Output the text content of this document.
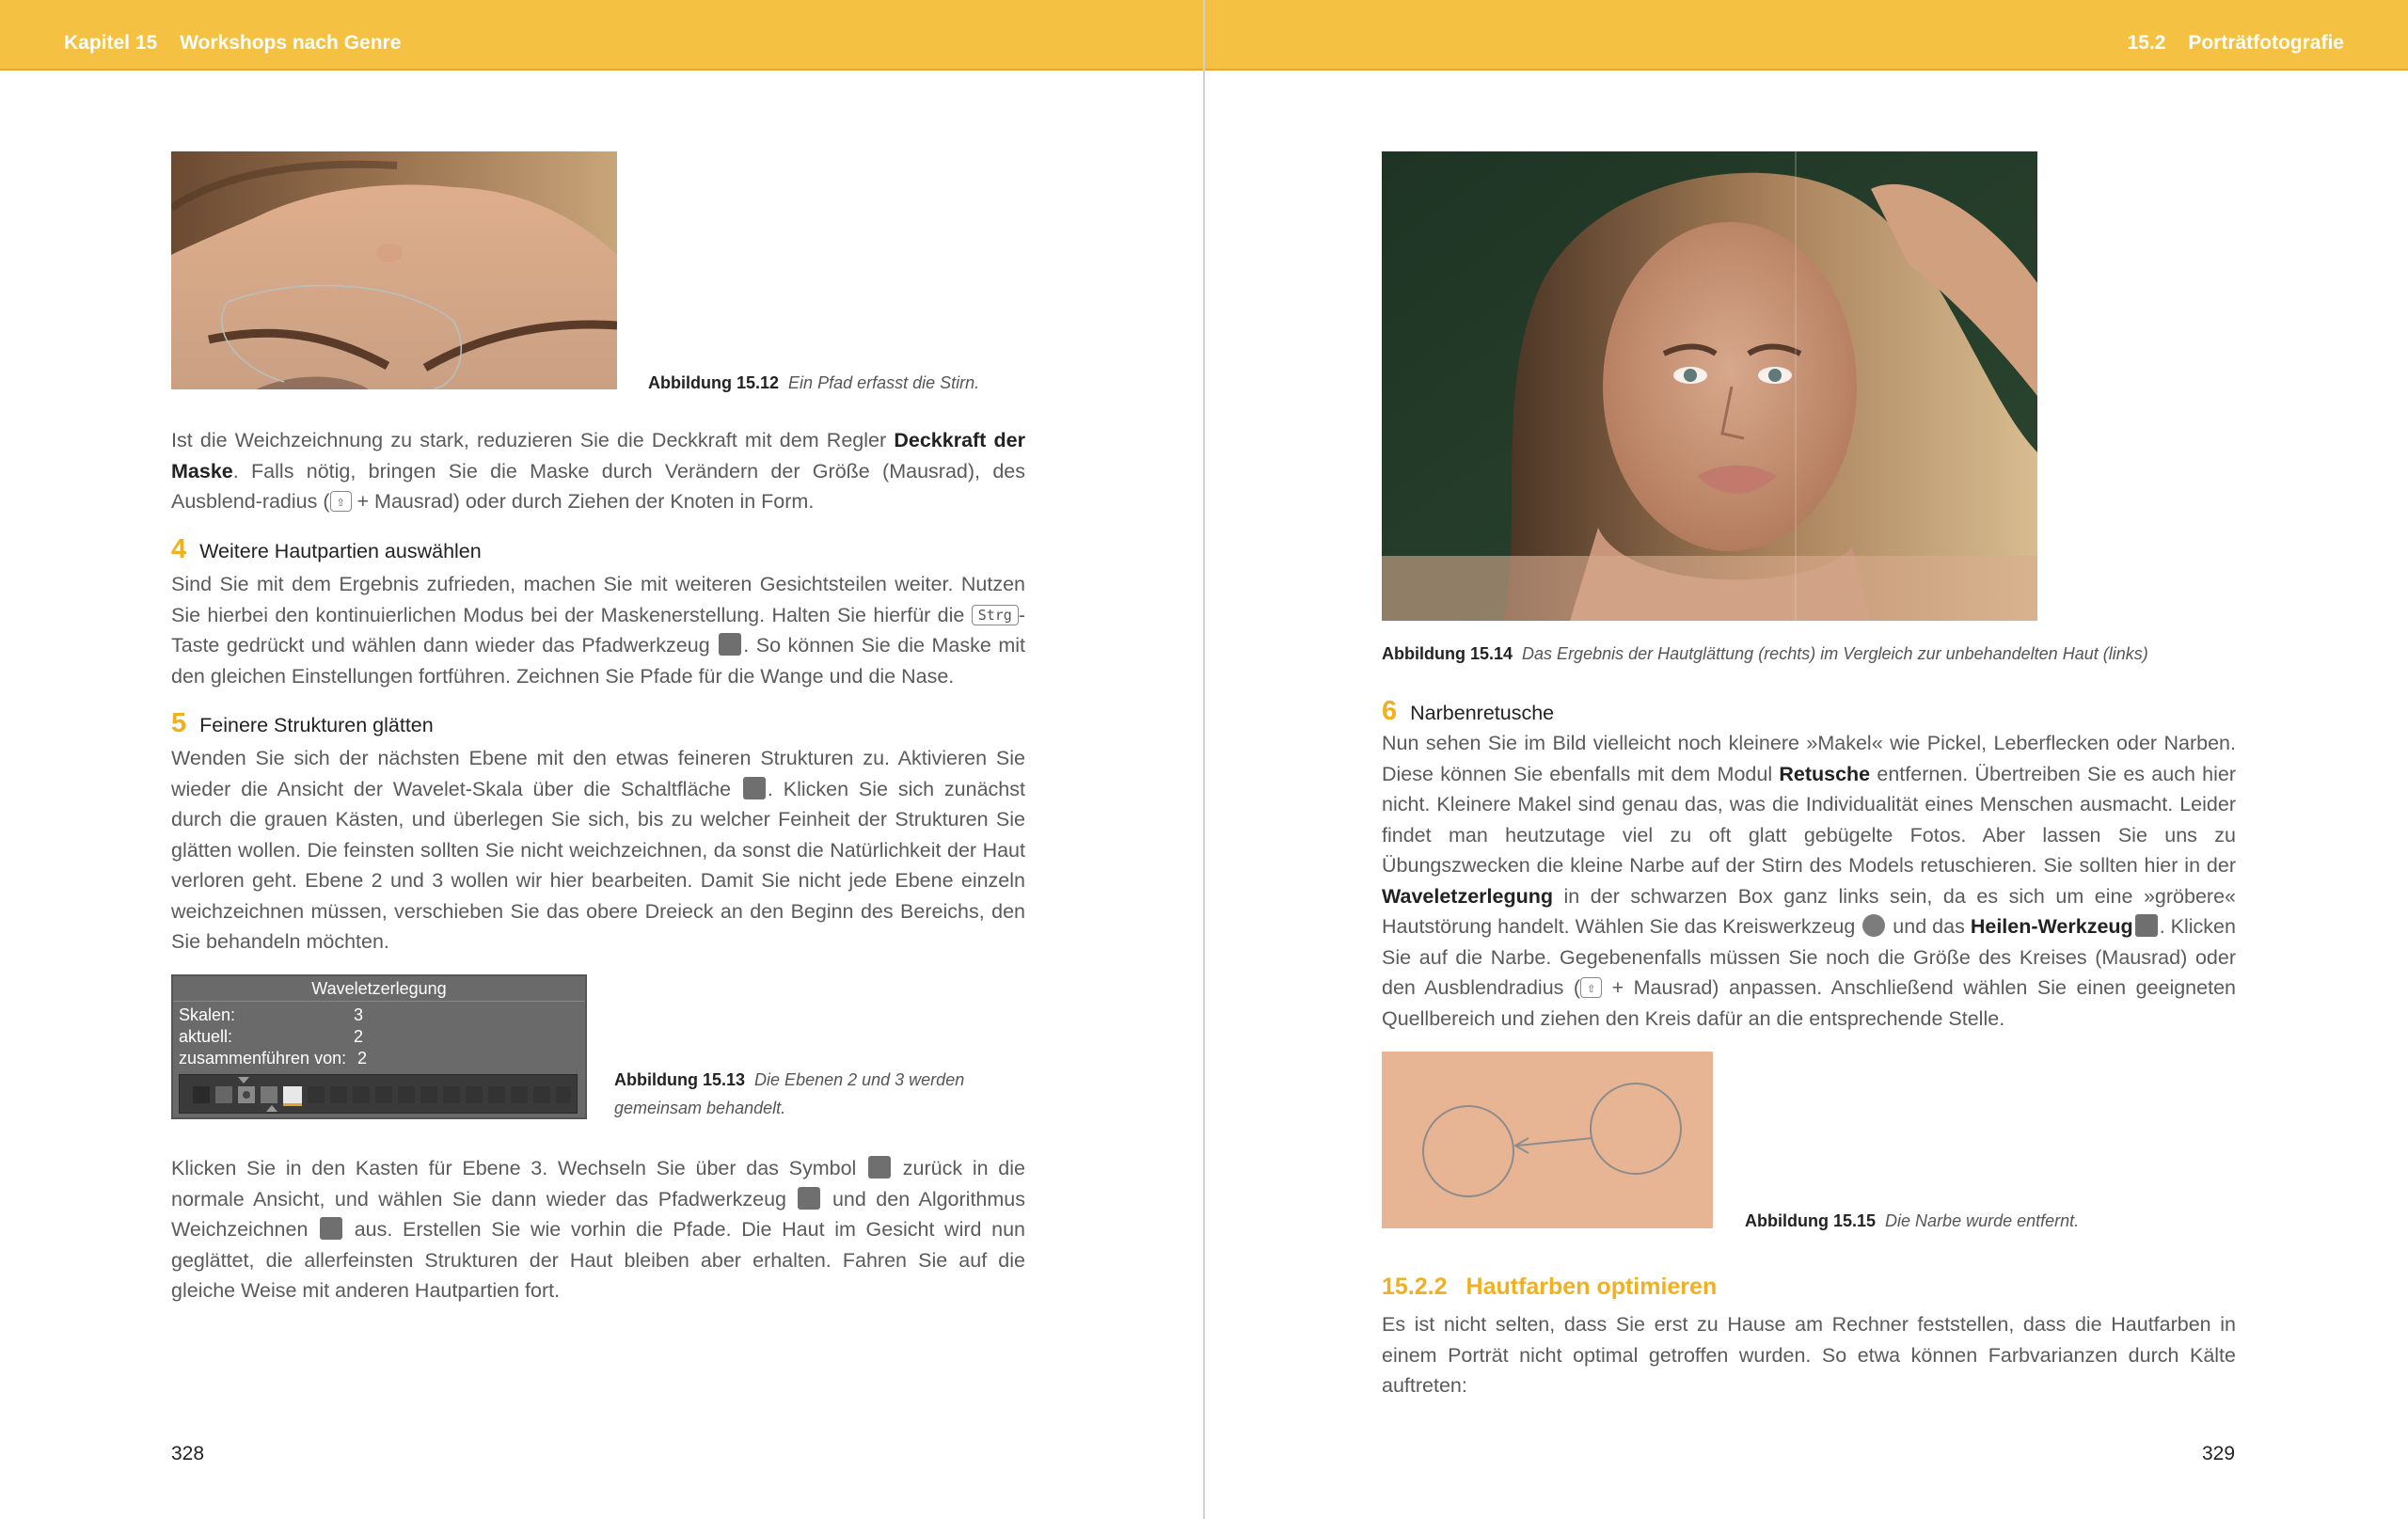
Kapitel 15 Workshops nach Genre
Abbildung 15.12 Ein Pfad erfasst die Stirn.
Ist die Weichzeichnung zu stark, reduzieren Sie die Deckkraft mit dem Regler Deckkraft der Maske. Falls nötig, bringen Sie die Maske durch Verändern der Größe (Mausrad), des Ausblend-radius ( ⇧ + Mausrad) oder durch Ziehen der Knoten in Form.
4 Weitere Hautpartien auswählen
Sind Sie mit dem Ergebnis zufrieden, machen Sie mit weiteren Gesichtsteilen weiter. Nutzen Sie hierbei den kontinuierlichen Modus bei der Maskenerstellung. Halten Sie hierfür die Strg -Taste gedrückt und wählen dann wieder das Pfadwerkzeug . So können Sie die Maske mit den gleichen Einstellungen fortführen. Zeichnen Sie Pfade für die Wange und die Nase.
5 Feinere Strukturen glätten
Wenden Sie sich der nächsten Ebene mit den etwas feineren Strukturen zu. Aktivieren Sie wieder die Ansicht der Wavelet-Skala über die Schaltfläche . Klicken Sie sich zunächst durch die grauen Kästen, und überlegen Sie sich, bis zu welcher Feinheit der Strukturen Sie glätten wollen. Die feinsten sollten Sie nicht weichzeichnen, da sonst die Natürlichkeit der Haut verloren geht. Ebene 2 und 3 wollen wir hier bearbeiten. Damit Sie nicht jede Ebene einzeln weichzeichnen müssen, verschieben Sie das obere Dreieck an den Beginn des Bereichs, den Sie behandeln möchten.
Waveletzerlegung
Skalen:	3
aktuell:	2
zusammenführen von: 2
Abbildung 15.13 Die Ebenen 2 und 3 werden gemeinsam behandelt.
Klicken Sie in den Kasten für Ebene 3. Wechseln Sie über das Symbol  zurück in die normale Ansicht, und wählen Sie dann wieder das Pfadwerkzeug  und den Algorithmus Weichzeichnen  aus. Erstellen Sie wie vorhin die Pfade. Die Haut im Gesicht wird nun geglättet, die allerfeinsten Strukturen der Haut bleiben aber erhalten. Fahren Sie auf die gleiche Weise mit anderen Hautpartien fort.
328
15.2 Porträtfotografie
Abbildung 15.14 Das Ergebnis der Hautglättung (rechts) im Vergleich zur unbehandelten Haut (links)
6 Narbenretusche
Nun sehen Sie im Bild vielleicht noch kleinere »Makel« wie Pickel, Leberflecken oder Narben. Diese können Sie ebenfalls mit dem Modul Retusche entfernen. Übertreiben Sie es auch hier nicht. Kleinere Makel sind genau das, was die Individualität eines Menschen ausmacht. Leider findet man heutzutage viel zu oft glatt gebügelte Fotos. Aber lassen Sie uns zu Übungszwecken die kleine Narbe auf der Stirn des Models retuschieren. Sie sollten hier in der Waveletzerlegung in der schwarzen Box ganz links sein, da es sich um eine »gröbere« Hautstörung handelt. Wählen Sie das Kreiswerkzeug  und das Heilen-Werkzeug . Klicken Sie auf die Narbe. Gegebenenfalls müssen Sie noch die Größe des Kreises (Mausrad) oder den Ausblendradius ( ⇧ + Mausrad) anpassen. Anschließend wählen Sie einen geeigneten Quellbereich und ziehen den Kreis dafür an die entsprechende Stelle.
Abbildung 15.15 Die Narbe wurde entfernt.
15.2.2 Hautfarben optimieren
Es ist nicht selten, dass Sie erst zu Hause am Rechner feststellen, dass die Hautfarben in einem Porträt nicht optimal getroffen wurden. So etwa können Farbvarianzen durch Kälte auftreten:
329
